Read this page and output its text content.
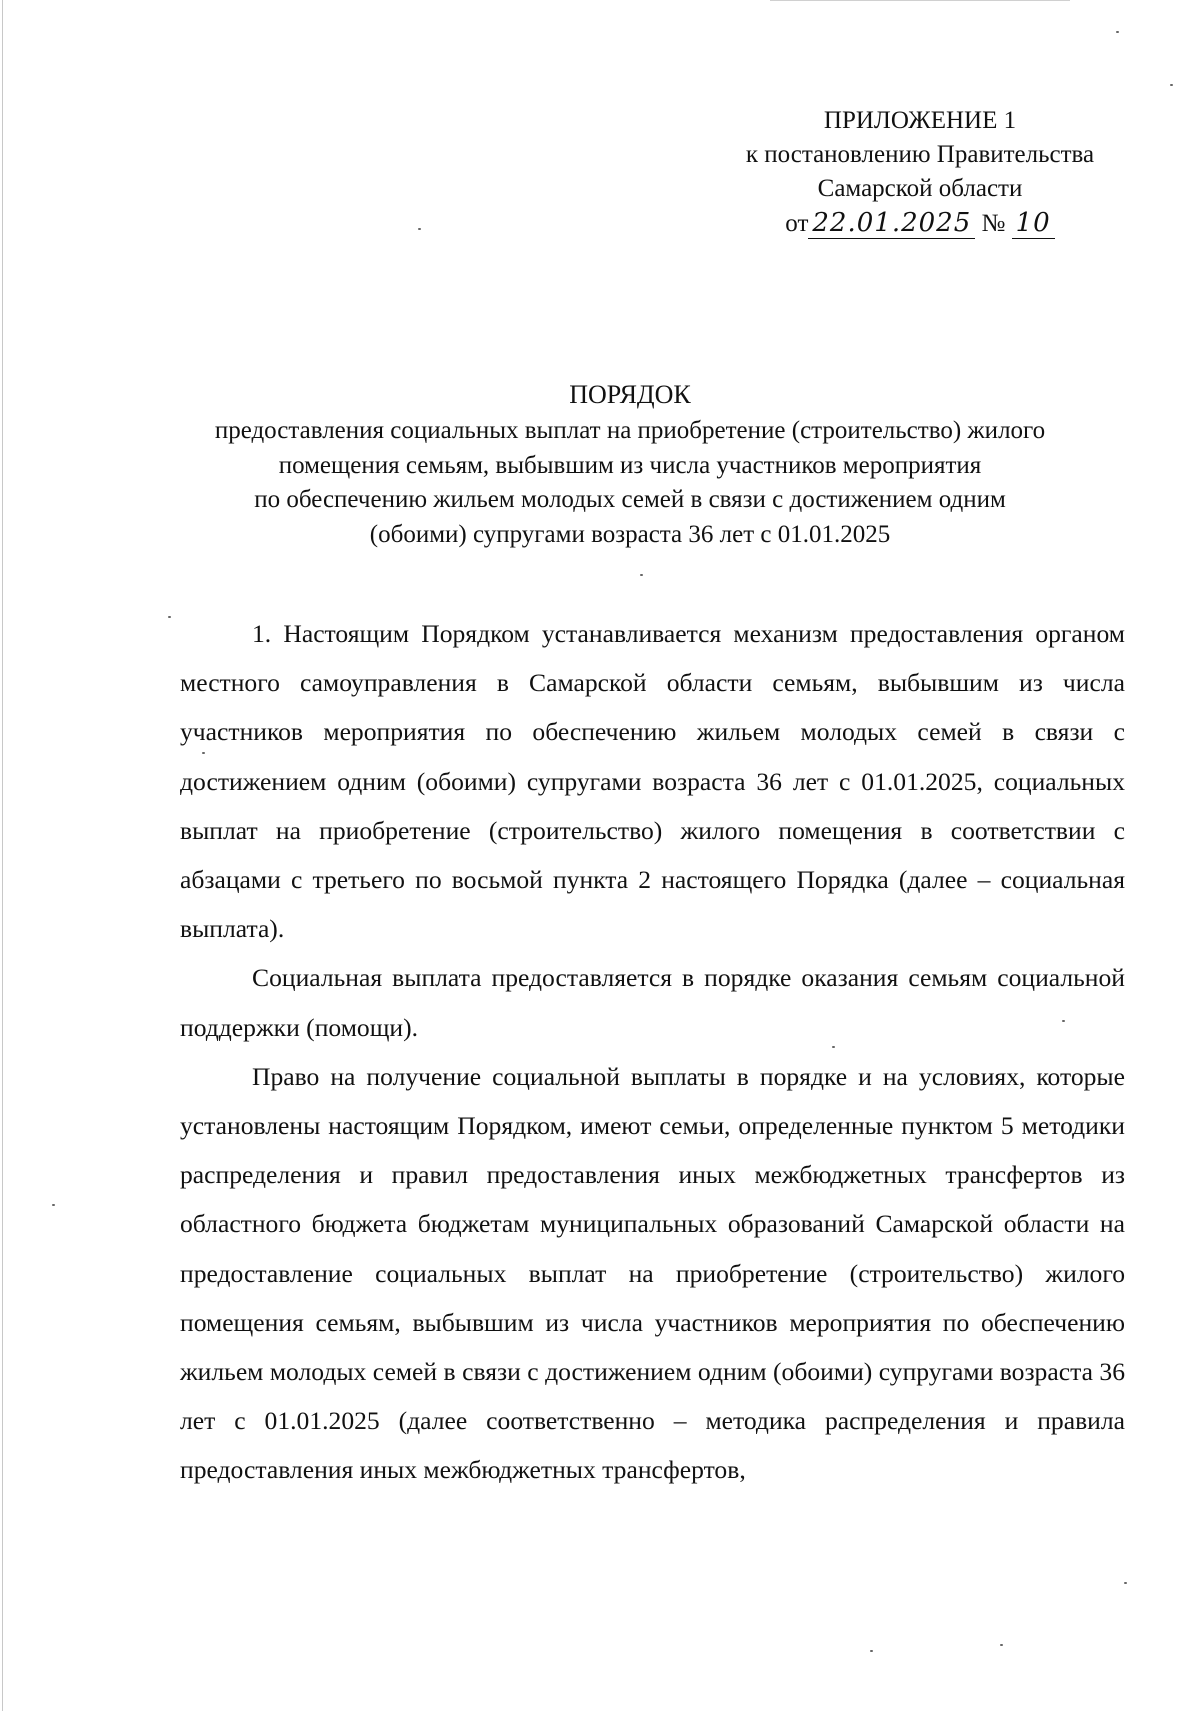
ПРИЛОЖЕНИЕ 1
к постановлению Правительства
Самарской области
от 22.01.2025 № 10
ПОРЯДОК
предоставления социальных выплат на приобретение (строительство) жилого
помещения семьям, выбывшим из числа участников мероприятия
по обеспечению жильем молодых семей в связи с достижением одним
(обоими) супругами возраста 36 лет с 01.01.2025

1. Настоящим Порядком устанавливается механизм предоставления органом местного самоуправления в Самарской области семьям, выбывшим из числа участников мероприятия по обеспечению жильем молодых семей в связи с достижением одним (обоими) супругами возраста 36 лет с 01.01.2025, социальных выплат на приобретение (строительство) жилого помещения в соответствии с абзацами с третьего по восьмой пункта 2 настоящего Порядка (далее – социальная выплата).

Социальная выплата предоставляется в порядке оказания семьям социальной поддержки (помощи).

Право на получение социальной выплаты в порядке и на условиях, которые установлены настоящим Порядком, имеют семьи, определенные пунктом 5 методики распределения и правил предоставления иных межбюджетных трансфертов из областного бюджета бюджетам муниципальных образований Самарской области на предоставление социальных выплат на приобретение (строительство) жилого помещения семьям, выбывшим из числа участников мероприятия по обеспечению жильем молодых семей в связи с достижением одним (обоими) супругами возраста 36 лет с 01.01.2025 (далее соответственно – методика распределения и правила предоставления иных межбюджетных трансфертов,
